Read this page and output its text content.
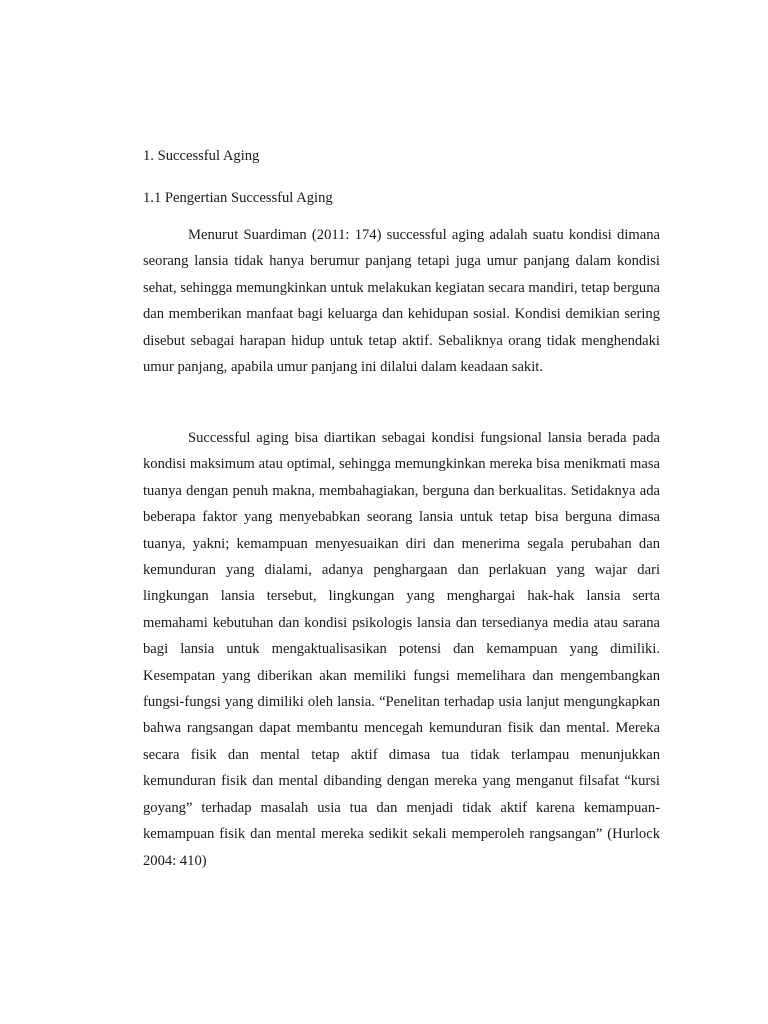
1. Successful Aging
1.1 Pengertian Successful Aging

Menurut Suardiman (2011: 174) successful aging adalah suatu kondisi dimana seorang lansia tidak hanya berumur panjang tetapi juga umur panjang dalam kondisi sehat, sehingga memungkinkan untuk melakukan kegiatan secara mandiri, tetap berguna dan memberikan manfaat bagi keluarga dan kehidupan sosial. Kondisi demikian sering disebut sebagai harapan hidup untuk tetap aktif. Sebaliknya orang tidak menghendaki umur panjang, apabila umur panjang ini dilalui dalam keadaan sakit.

Successful aging bisa diartikan sebagai kondisi fungsional lansia berada pada kondisi maksimum atau optimal, sehingga memungkinkan mereka bisa menikmati masa tuanya dengan penuh makna, membahagiakan, berguna dan berkualitas. Setidaknya ada beberapa faktor yang menyebabkan seorang lansia untuk tetap bisa berguna dimasa tuanya, yakni; kemampuan menyesuaikan diri dan menerima segala perubahan dan kemunduran yang dialami, adanya penghargaan dan perlakuan yang wajar dari lingkungan lansia tersebut, lingkungan yang menghargai hak-hak lansia serta memahami kebutuhan dan kondisi psikologis lansia dan tersedianya media atau sarana bagi lansia untuk mengaktualisasikan potensi dan kemampuan yang dimiliki. Kesempatan yang diberikan akan memiliki fungsi memelihara dan mengembangkan fungsi-fungsi yang dimiliki oleh lansia. “Penelitan terhadap usia lanjut mengungkapkan bahwa rangsangan dapat membantu mencegah kemunduran fisik dan mental. Mereka secara fisik dan mental tetap aktif dimasa tua tidak terlampau menunjukkan kemunduran fisik dan mental dibanding dengan mereka yang menganut filsafat “kursi goyang” terhadap masalah usia tua dan menjadi tidak aktif karena kemampuan-kemampuan fisik dan mental mereka sedikit sekali memperoleh rangsangan” (Hurlock 2004: 410)
